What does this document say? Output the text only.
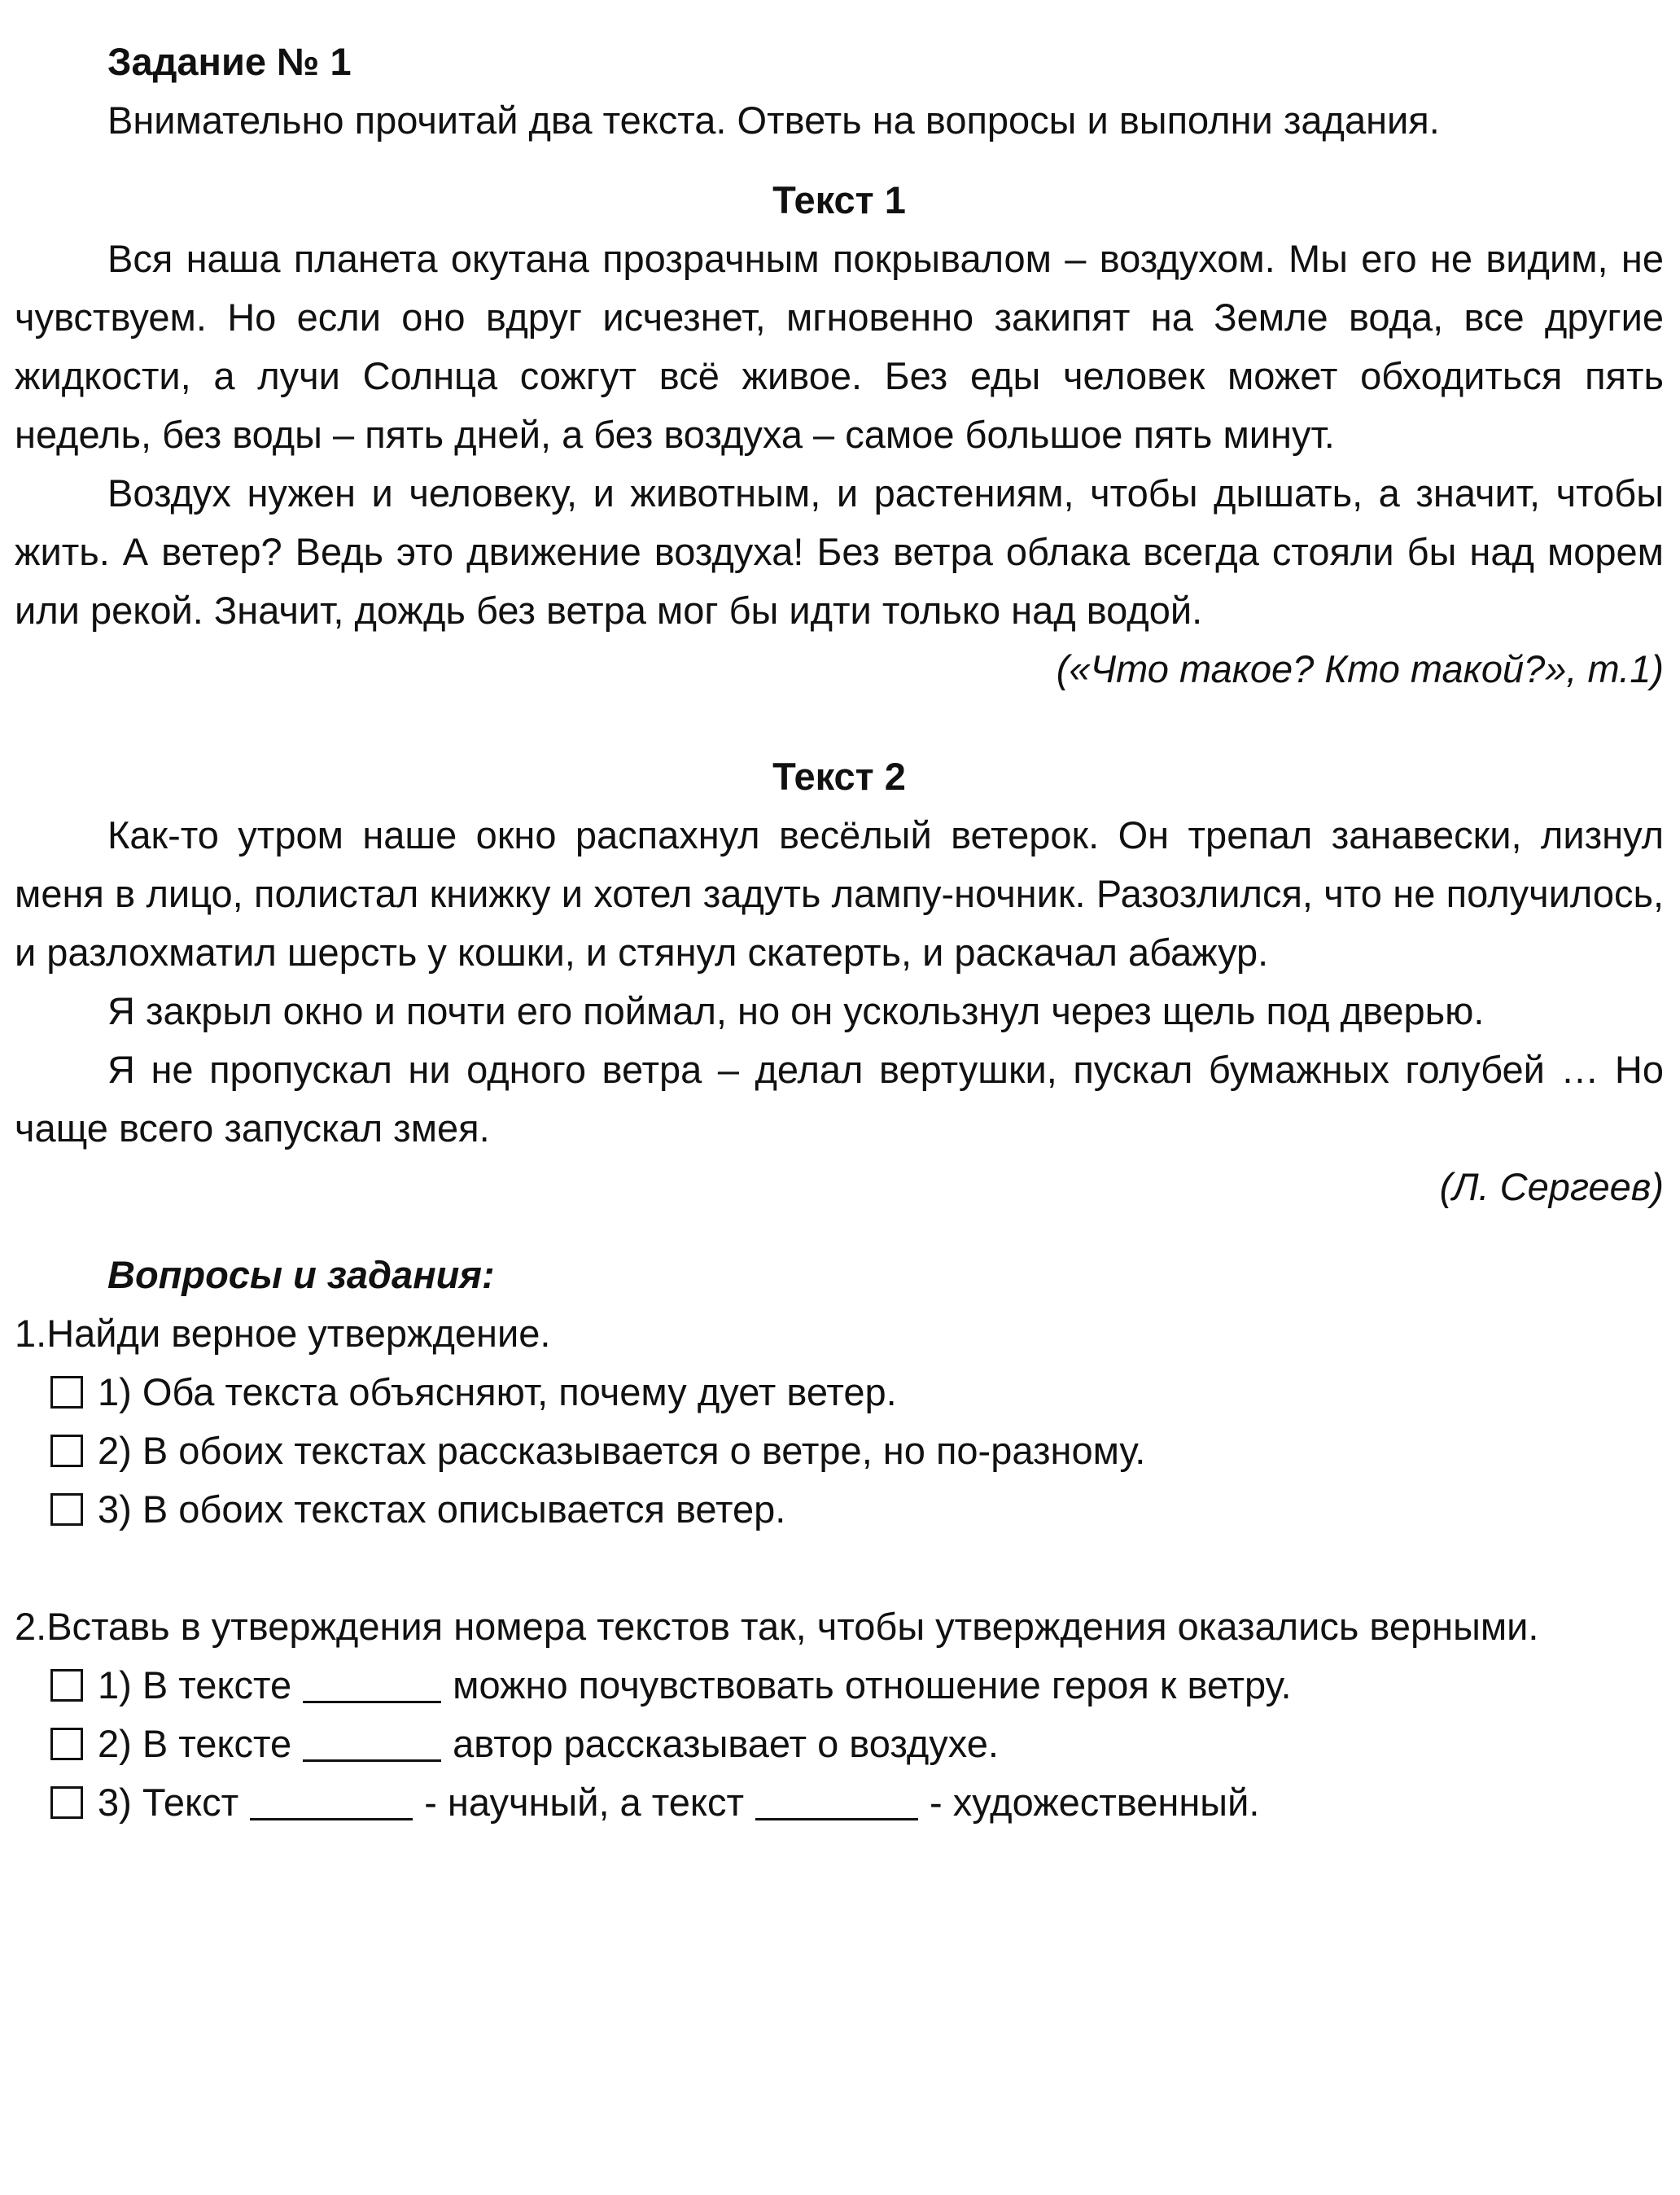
Задание № 1
Внимательно прочитай два текста. Ответь на вопросы и выполни задания.
Текст 1
Вся наша планета окутана прозрачным покрывалом – воздухом. Мы его не видим, не чувствуем. Но если оно вдруг исчезнет, мгновенно закипят на Земле вода, все другие жидкости, а лучи Солнца сожгут всё живое. Без еды человек может обходиться пять недель, без воды – пять дней, а без воздуха – самое большое пять минут.
Воздух нужен и человеку, и животным, и растениям, чтобы дышать, а значит, чтобы жить. А ветер? Ведь это движение воздуха! Без ветра облака всегда стояли бы над морем или рекой. Значит, дождь без ветра мог бы идти только над водой.
(«Что такое? Кто такой?», т.1)
Текст 2
Как-то утром наше окно распахнул весёлый ветерок. Он трепал занавески, лизнул меня в лицо, полистал книжку и хотел задуть лампу-ночник. Разозлился, что не получилось, и разлохматил шерсть у кошки, и стянул скатерть, и раскачал абажур.
Я закрыл окно и почти его поймал, но он ускользнул через щель под дверью.
Я не пропускал ни одного ветра – делал вертушки, пускал бумажных голубей … Но чаще всего запускал змея.
(Л. Сергеев)
Вопросы и задания:
1.Найди верное утверждение.
1) Оба текста объясняют, почему дует ветер.
2) В обоих текстах рассказывается о ветре, но по-разному.
3) В обоих текстах описывается ветер.
2.Вставь в утверждения номера текстов так, чтобы утверждения оказались верными.
1) В тексте	можно почувствовать отношение героя к ветру.
2) В тексте	автор рассказывает о воздухе.
3) Текст	- научный, а текст	- художественный.
